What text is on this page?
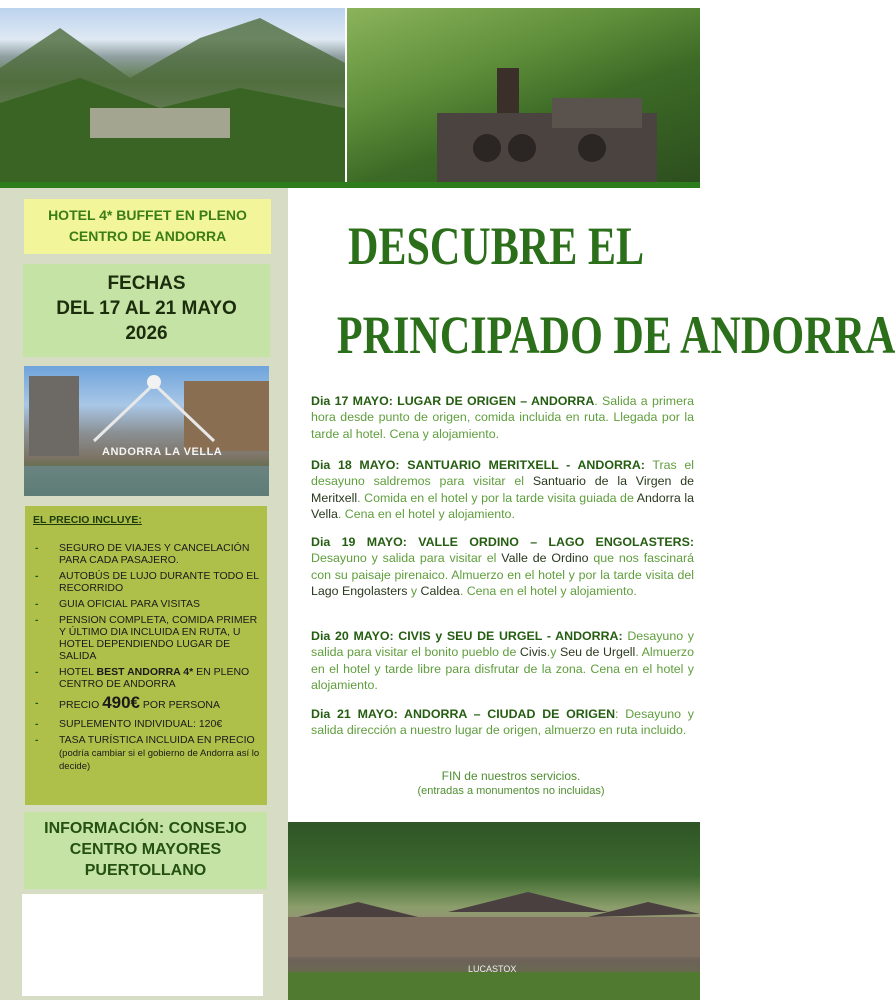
HOTEL 4* BUFFET EN PLENO
CENTRO DE ANDORRA
FECHAS
DEL 17 AL 21 MAYO
2026
ANDORRA LA VELLA
EL PRECIO INCLUYE:
- SEGURO DE VIAJES Y CANCELACIÓN PARA CADA PASAJERO.
- AUTOBÚS DE LUJO DURANTE TODO EL RECORRIDO
- GUIA OFICIAL PARA VISITAS
- PENSION COMPLETA, COMIDA PRIMER Y ÚLTIMO DIA INCLUIDA EN RUTA, U HOTEL DEPENDIENDO LUGAR DE SALIDA
- HOTEL BEST ANDORRA 4* EN PLENO CENTRO DE ANDORRA
- PRECIO 490€ POR PERSONA
- SUPLEMENTO INDIVIDUAL: 120€
- TASA TURÍSTICA INCLUIDA EN PRECIO (podría cambiar si el gobierno de Andorra así lo decide)
INFORMACIÓN: CONSEJO
CENTRO MAYORES
PUERTOLLANO
DESCUBRE EL
PRINCIPADO DE ANDORRA
Dia 17 MAYO: LUGAR DE ORIGEN – ANDORRA. Salida a primera hora desde punto de origen, comida incluida en ruta. Llegada por la tarde al hotel. Cena y alojamiento.
Dia 18 MAYO: SANTUARIO MERITXELL - ANDORRA: Tras el desayuno saldremos para visitar el Santuario de la Virgen de Meritxell. Comida en el hotel y por la tarde visita guiada de Andorra la Vella. Cena en el hotel y alojamiento.
Dia 19 MAYO: VALLE ORDINO – LAGO ENGOLASTERS: Desayuno y salida para visitar el Valle de Ordino que nos fascinará con su paisaje pirenaico. Almuerzo en el hotel y por la tarde visita del Lago Engolasters y Caldea. Cena en el hotel y alojamiento.
Dia 20 MAYO: CIVIS y SEU DE URGEL - ANDORRA: Desayuno y salida para visitar el bonito pueblo de Civis.y Seu de Urgell. Almuerzo en el hotel y tarde libre para disfrutar de la zona. Cena en el hotel y alojamiento.
Dia 21 MAYO: ANDORRA – CIUDAD DE ORIGEN: Desayuno y salida dirección a nuestro lugar de origen, almuerzo en ruta incluido.
FIN de nuestros servicios.
(entradas a monumentos no incluidas)
LUCASTOX
